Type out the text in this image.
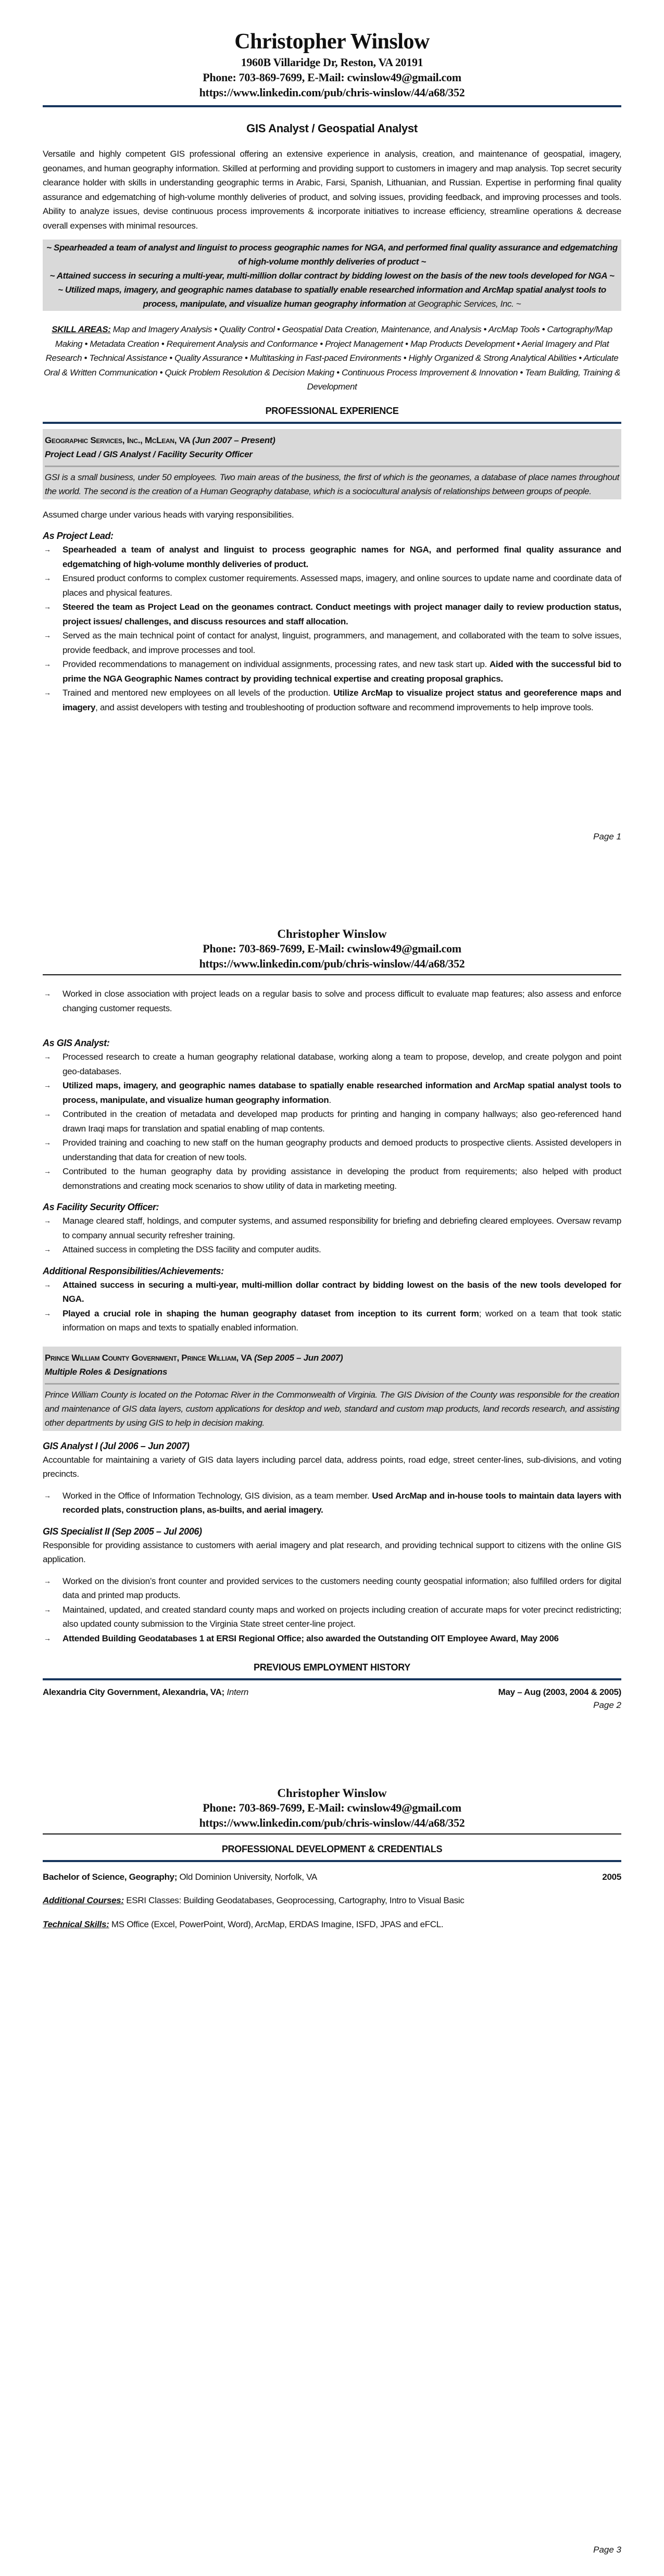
Christopher Winslow
1960B Villaridge Dr, Reston, VA 20191
Phone: 703-869-7699, E-Mail: cwinslow49@gmail.com
https://www.linkedin.com/pub/chris-winslow/44/a68/352
GIS Analyst / Geospatial Analyst

Versatile and highly competent GIS professional offering an extensive experience in analysis, creation, and maintenance of geospatial, imagery, geonames, and human geography information. Skilled at performing and providing support to customers in imagery and map analysis. Top secret security clearance holder with skills in understanding geographic terms in Arabic, Farsi, Spanish, Lithuanian, and Russian. Expertise in performing final quality assurance and edgematching of high-volume monthly deliveries of product, and solving issues, providing feedback, and improving processes and tools. Ability to analyze issues, devise continuous process improvements & incorporate initiatives to increase efficiency, streamline operations & decrease overall expenses with minimal resources.

~ Spearheaded a team of analyst and linguist to process geographic names for NGA, and performed final quality assurance and edgematching of high-volume monthly deliveries of product ~
~ Attained success in securing a multi-year, multi-million dollar contract by bidding lowest on the basis of the new tools developed for NGA ~
~ Utilized maps, imagery, and geographic names database to spatially enable researched information and ArcMap spatial analyst tools to process, manipulate, and visualize human geography information at Geographic Services, Inc. ~

SKILL AREAS: Map and Imagery Analysis • Quality Control • Geospatial Data Creation, Maintenance, and Analysis • ArcMap Tools • Cartography/Map Making • Metadata Creation • Requirement Analysis and Conformance • Project Management • Map Products Development • Aerial Imagery and Plat Research • Technical Assistance • Quality Assurance • Multitasking in Fast-paced Environments • Highly Organized & Strong Analytical Abilities • Articulate Oral & Written Communication • Quick Problem Resolution & Decision Making • Continuous Process Improvement & Innovation • Team Building, Training & Development

PROFESSIONAL EXPERIENCE
Geographic Services, Inc., McLean, VA (Jun 2007 – Present)
Project Lead / GIS Analyst / Facility Security Officer
GSI is a small business, under 50 employees. Two main areas of the business, the first of which is the geonames, a database of place names throughout the world. The second is the creation of a Human Geography database, which is a sociocultural analysis of relationships between groups of people.

Assumed charge under various heads with varying responsibilities.

As Project Lead:
→ Spearheaded a team of analyst and linguist to process geographic names for NGA, and performed final quality assurance and edgematching of high-volume monthly deliveries of product.
→ Ensured product conforms to complex customer requirements. Assessed maps, imagery, and online sources to update name and coordinate data of places and physical features.
→ Steered the team as Project Lead on the geonames contract. Conduct meetings with project manager daily to review production status, project issues/ challenges, and discuss resources and staff allocation.
→ Served as the main technical point of contact for analyst, linguist, programmers, and management, and collaborated with the team to solve issues, provide feedback, and improve processes and tool.
→ Provided recommendations to management on individual assignments, processing rates, and new task start up. Aided with the successful bid to prime the NGA Geographic Names contract by providing technical expertise and creating proposal graphics.
→ Trained and mentored new employees on all levels of the production. Utilize ArcMap to visualize project status and georeference maps and imagery, and assist developers with testing and troubleshooting of production software and recommend improvements to help improve tools.
Page 1
Christopher Winslow
Phone: 703-869-7699, E-Mail: cwinslow49@gmail.com
https://www.linkedin.com/pub/chris-winslow/44/a68/352
→ Worked in close association with project leads on a regular basis to solve and process difficult to evaluate map features; also assess and enforce changing customer requests.
As GIS Analyst:
→ Processed research to create a human geography relational database, working along a team to propose, develop, and create polygon and point geo-databases.
→ Utilized maps, imagery, and geographic names database to spatially enable researched information and ArcMap spatial analyst tools to process, manipulate, and visualize human geography information.
→ Contributed in the creation of metadata and developed map products for printing and hanging in company hallways; also geo-referenced hand drawn Iraqi maps for translation and spatial enabling of map contents.
→ Provided training and coaching to new staff on the human geography products and demoed products to prospective clients. Assisted developers in understanding that data for creation of new tools.
→ Contributed to the human geography data by providing assistance in developing the product from requirements; also helped with product demonstrations and creating mock scenarios to show utility of data in marketing meeting.
As Facility Security Officer:
→ Manage cleared staff, holdings, and computer systems, and assumed responsibility for briefing and debriefing cleared employees. Oversaw revamp to company annual security refresher training.
→ Attained success in completing the DSS facility and computer audits.
Additional Responsibilities/Achievements:
→ Attained success in securing a multi-year, multi-million dollar contract by bidding lowest on the basis of the new tools developed for NGA.
→ Played a crucial role in shaping the human geography dataset from inception to its current form; worked on a team that took static information on maps and texts to spatially enabled information.
Prince William County Government, Prince William, VA (Sep 2005 – Jun 2007)
Multiple Roles & Designations
Prince William County is located on the Potomac River in the Commonwealth of Virginia. The GIS Division of the County was responsible for the creation and maintenance of GIS data layers, custom applications for desktop and web, standard and custom map products, land records research, and assisting other departments by using GIS to help in decision making.
GIS Analyst I (Jul 2006 – Jun 2007)

Accountable for maintaining a variety of GIS data layers including parcel data, address points, road edge, street center-lines, sub-divisions, and voting precincts.

→ Worked in the Office of Information Technology, GIS division, as a team member. Used ArcMap and in-house tools to maintain data layers with recorded plats, construction plans, as-builts, and aerial imagery.
GIS Specialist II (Sep 2005 – Jul 2006)

Responsible for providing assistance to customers with aerial imagery and plat research, and providing technical support to citizens with the online GIS application.

→ Worked on the division’s front counter and provided services to the customers needing county geospatial information; also fulfilled orders for digital data and printed map products.
→ Maintained, updated, and created standard county maps and worked on projects including creation of accurate maps for voter precinct redistricting; also updated county submission to the Virginia State street center-line project.
→ Attended Building Geodatabases 1 at ERSI Regional Office; also awarded the Outstanding OIT Employee Award, May 2006
PREVIOUS EMPLOYMENT HISTORY
Alexandria City Government, Alexandria, VA; Intern	May – Aug (2003, 2004 & 2005)
Page 2
Christopher Winslow
Phone: 703-869-7699, E-Mail: cwinslow49@gmail.com
https://www.linkedin.com/pub/chris-winslow/44/a68/352
PROFESSIONAL DEVELOPMENT & CREDENTIALS
Bachelor of Science, Geography; Old Dominion University, Norfolk, VA	2005

Additional Courses: ESRI Classes: Building Geodatabases, Geoprocessing, Cartography, Intro to Visual Basic

Technical Skills: MS Office (Excel, PowerPoint, Word), ArcMap, ERDAS Imagine, ISFD, JPAS and eFCL.

Page 3
